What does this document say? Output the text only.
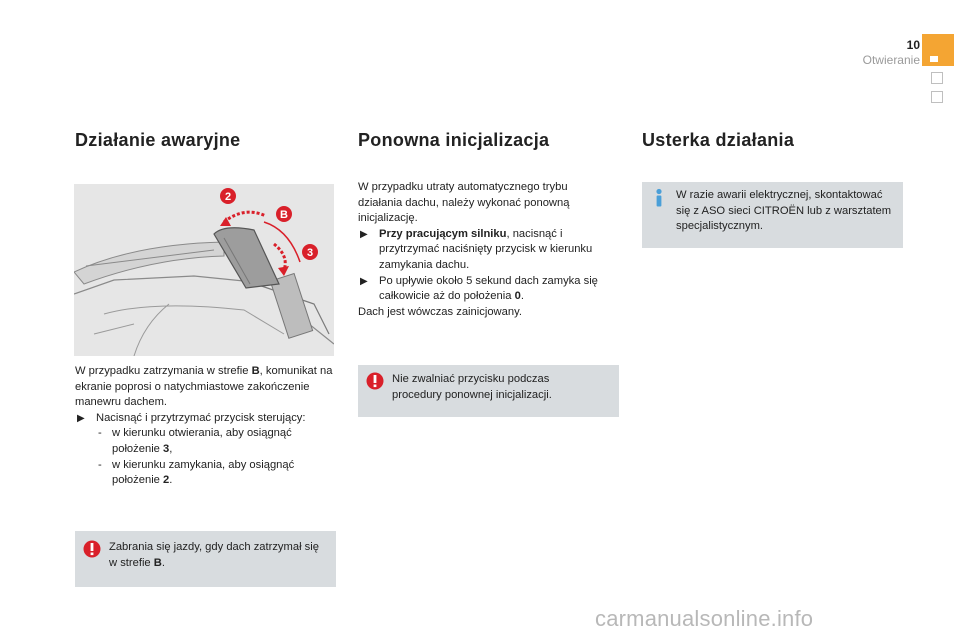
10
Otwieranie
Działanie awaryjne
2
B
3

W przypadku zatrzymania w strefie B, komunikat na ekranie poprosi o natychmiastowe zakończenie manewru dachem.

▶ Nacisnąć i przytrzymać przycisk sterujący:
- w kierunku otwierania, aby osiągnąć położenie 3,
- w kierunku zamykania, aby osiągnąć położenie 2.
Zabrania się jazdy, gdy dach zatrzymał się w strefie B.
Ponowna inicjalizacja

W przypadku utraty automatycznego trybu działania dachu, należy wykonać ponowną inicjalizację.

▶ Przy pracującym silniku, nacisnąć i przytrzymać naciśnięty przycisk w kierunku zamykania dachu.
▶ Po upływie około 5 sekund dach zamyka się całkowicie aż do położenia 0.

Dach jest wówczas zainicjowany.

Nie zwalniać przycisku podczas procedury ponownej inicjalizacji.
Usterka działania
W razie awarii elektrycznej, skontaktować się z ASO sieci CITROËN lub z warsztatem specjalistycznym.
carmanualsonline.info
